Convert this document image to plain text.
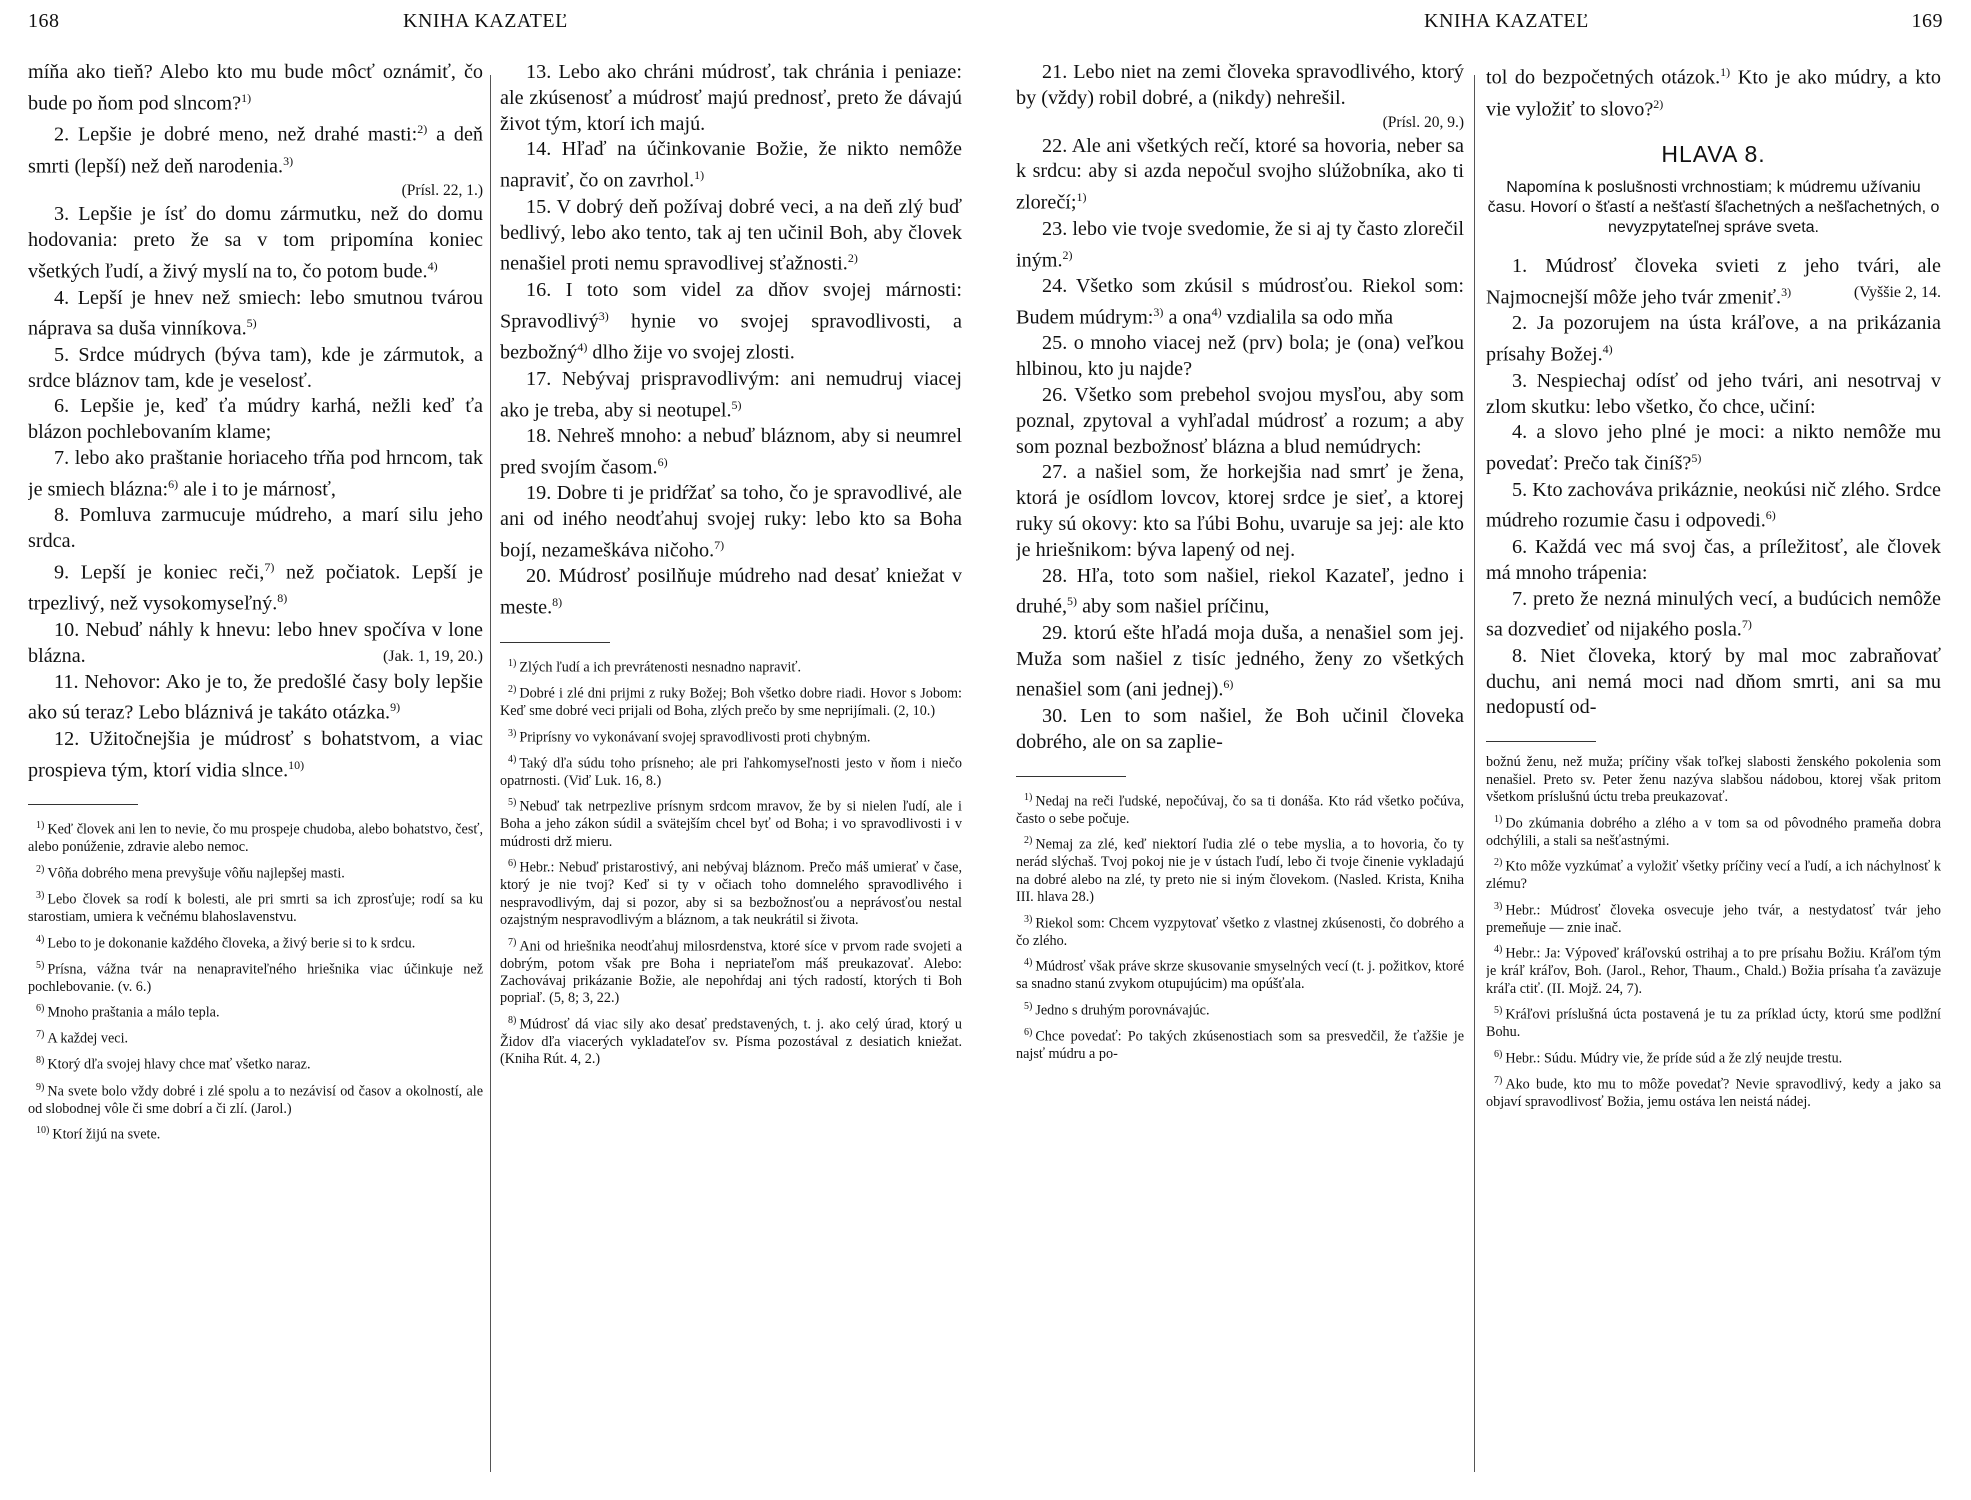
168	KNIHA KAZATEĽ

míňa ako tieň? Alebo kto mu bude môcť oznámiť, čo bude po ňom pod slncom?$^{1)}$

2. Lepšie je dobré meno, než drahé masti:$^{2)}$ a deň smrti (lepší) než deň narodenia.$^{3)}$

(Prísl. 22, 1.)

3. Lepšie je ísť do domu zármutku, než do domu hodovania: preto že sa v tom pripomína koniec všetkých ľudí, a živý myslí na to, čo potom bude.$^{4)}$

4. Lepší je hnev než smiech: lebo smutnou tvárou náprava sa duša vinníkova.$^{5)}$

5. Srdce múdrych (býva tam), kde je zármutok, a srdce bláznov tam, kde je veselosť.

6. Lepšie je, keď ťa múdry karhá, nežli keď ťa blázon pochlebovaním klame;

7. lebo ako praštanie horiaceho tŕňa pod hrncom, tak je smiech blázna:$^{6)}$ ale i to je márnosť,

8. Pomluva zarmucuje múdreho, a marí silu jeho srdca.

9. Lepší je koniec reči,$^{7)}$ než počiatok. Lepší je trpezlivý, než vysokomyseľný.$^{8)}$

10. Nebuď náhly k hnevu: lebo hnev spočíva v lone blázna.	(Jak. 1, 19, 20.)

11. Nehovor: Ako je to, že predošlé časy boly lepšie ako sú teraz? Lebo bláznivá je takáto otázka.$^{9)}$

12. Užitočnejšia je múdrosť s bohatstvom, a viac prospieva tým, ktorí vidia slnce.$^{10)}$

$^{1)}$ Keď človek ani len to nevie, čo mu prospeje chudoba, alebo bohatstvo, česť, alebo ponúženie, zdravie alebo nemoc.

$^{2)}$ Vôňa dobrého mena prevyšuje vôňu najlepšej masti.

$^{3)}$ Lebo človek sa rodí k bolesti, ale pri smrti sa ich zprosťuje; rodí sa ku starostiam, umiera k večnému blahoslavenstvu.

$^{4)}$ Lebo to je dokonanie každého človeka, a živý berie si to k srdcu.

$^{5)}$ Prísna, vážna tvár na nenapraviteľného hriešnika viac účinkuje než pochlebovanie. (v. 6.)

$^{6)}$ Mnoho praštania a málo tepla.

$^{7)}$ A každej veci.

$^{8)}$ Ktorý dľa svojej hlavy chce mať všetko naraz.

$^{9)}$ Na svete bolo vždy dobré i zlé spolu a to nezávisí od časov a okolností, ale od slobodnej vôle či sme dobrí a či zlí. (Jarol.)

$^{10)}$ Ktorí žijú na svete.

13. Lebo ako chráni múdrosť, tak chránia i peniaze: ale zkúsenosť a múdrosť majú prednosť, preto že dávajú život tým, ktorí ich majú.

14. Hľaď na účinkovanie Božie, že nikto nemôže napraviť, čo on zavrhol.$^{1)}$

15. V dobrý deň požívaj dobré veci, a na deň zlý buď bedlivý, lebo ako tento, tak aj ten učinil Boh, aby človek nenašiel proti nemu spravodlivej sťažnosti.$^{2)}$

16. I toto som videl za dňov svojej márnosti: Spravodlivý$^{3)}$ hynie vo svojej spravodlivosti, a bezbožný$^{4)}$ dlho žije vo svojej zlosti.

17. Nebývaj prispravodlivým: ani nemudruj viacej ako je treba, aby si neotupel.$^{5)}$

18. Nehreš mnoho: a nebuď bláznom, aby si neumrel pred svojím časom.$^{6)}$

19. Dobre ti je pridŕžať sa toho, čo je spravodlivé, ale ani od iného neodťahuj svojej ruky: lebo kto sa Boha bojí, nezameškáva ničoho.$^{7)}$

20. Múdrosť posilňuje múdreho nad desať kniežat v meste.$^{8)}$

$^{1)}$ Zlých ľudí a ich prevrátenosti nesnadno napraviť.

$^{2)}$ Dobré i zlé dni prijmi z ruky Božej; Boh všetko dobre riadi. Hovor s Jobom: Keď sme dobré veci prijali od Boha, zlých prečo by sme neprijímali. (2, 10.)

$^{3)}$ Priprísny vo vykonávaní svojej spravodlivosti proti chybným.

$^{4)}$ Taký dľa súdu toho prísneho; ale pri ľahkomyseľnosti jesto v ňom i niečo opatrnosti. (Viď Luk. 16, 8.)

$^{5)}$ Nebuď tak netrpezlive prísnym srdcom mravov, že by si nielen ľudí, ale i Boha a jeho zákon súdil a svätejším chcel byť od Boha; i vo spravodlivosti i v múdrosti drž mieru.

$^{6)}$ Hebr.: Nebuď pristarostivý, ani nebývaj bláznom. Prečo máš umierať v čase, ktorý je nie tvoj? Keď si ty v očiach toho domnelého spravodlivého i nespravodlivým, daj si pozor, aby si sa bezbožnosťou a neprávosťou nestal ozajstným nespravodlivým a bláznom, a tak neukrátil si života.

$^{7)}$ Ani od hriešnika neodťahuj milosrdenstva, ktoré síce v prvom rade svojeti a dobrým, potom však pre Boha i nepriateľom máš preukazovať. Alebo: Zachovávaj prikázanie Božie, ale nepohŕdaj ani tých radostí, ktorých ti Boh popriaľ. (5, 8; 3, 22.)

$^{8)}$ Múdrosť dá viac sily ako desať predstavených, t. j. ako celý úrad, ktorý u Židov dľa viacerých vykladateľov sv. Písma pozostával z desiatich kniežat. (Kniha Rút. 4, 2.)

KNIHA KAZATEĽ	169

21. Lebo niet na zemi človeka spravodlivého, ktorý by (vždy) robil dobré, a (nikdy) nehrešil.

(Prísl. 20, 9.)

22. Ale ani všetkých rečí, ktoré sa hovoria, neber sa k srdcu: aby si azda nepočul svojho slúžobníka, ako ti zlorečí;$^{1)}$

23. lebo vie tvoje svedomie, že si aj ty často zlorečil iným.$^{2)}$

24. Všetko som zkúsil s múdrosťou. Riekol som: Budem múdrym:$^{3)}$ a ona$^{4)}$ vzdialila sa odo mňa

25. o mnoho viacej než (prv) bola; je (ona) veľkou hlbinou, kto ju najde?

26. Všetko som prebehol svojou mysľou, aby som poznal, zpytoval a vyhľadal múdrosť a rozum; a aby som poznal bezbožnosť blázna a blud nemúdrych:

27. a našiel som, že horkejšia nad smrť je žena, ktorá je osídlom lovcov, ktorej srdce je sieť, a ktorej ruky sú okovy: kto sa ľúbi Bohu, uvaruje sa jej: ale kto je hriešnikom: býva lapený od nej.

28. Hľa, toto som našiel, riekol Kazateľ, jedno i druhé,$^{5)}$ aby som našiel príčinu,

29. ktorú ešte hľadá moja duša, a nenašiel som jej. Muža som našiel z tisíc jedného, ženy zo všetkých nenašiel som (ani jednej).$^{6)}$

30. Len to som našiel, že Boh učinil človeka dobrého, ale on sa zaplie-

$^{1)}$ Nedaj na reči ľudské, nepočúvaj, čo sa ti donáša. Kto rád všetko počúva, často o sebe počuje.

$^{2)}$ Nemaj za zlé, keď niektorí ľudia zlé o tebe myslia, a to hovoria, čo ty nerád slýchaš. Tvoj pokoj nie je v ústach ľudí, lebo či tvoje činenie vykladajú na dobré alebo na zlé, ty preto nie si iným človekom. (Nasled. Krista, Kniha III. hlava 28.)

$^{3)}$ Riekol som: Chcem vyzpytovať všetko z vlastnej zkúsenosti, čo dobrého a čo zlého.

$^{4)}$ Múdrosť však práve skrze skusovanie smyselných vecí (t. j. požitkov, ktoré sa snadno stanú zvykom otupujúcim) ma opúšťala.

$^{5)}$ Jedno s druhým porovnávajúc.

$^{6)}$ Chce povedať: Po takých zkúsenostiach som sa presvedčil, že ťažšie je najsť múdru a po-

tol do bezpočetných otázok.$^{1)}$ Kto je ako múdry, a kto vie vyložiť to slovo?$^{2)}$

HLAVA 8.
Napomína k poslušnosti vrchnostiam; k múdremu užívaniu času. Hovorí o šťastí a nešťastí šľachetných a nešľachetných, o nevyzpytateľnej správe sveta.

1. Múdrosť človeka svieti z jeho tvári, ale Najmocnejší môže jeho tvár zmeniť.$^{3)}$	(Vyššie 2, 14.

2. Ja pozorujem na ústa kráľove, a na prikázania prísahy Božej.$^{4)}$

3. Nespiechaj odísť od jeho tvári, ani nesotrvaj v zlom skutku: lebo všetko, čo chce, učiní:

4. a slovo jeho plné je moci: a nikto nemôže mu povedať: Prečo tak činíš?$^{5)}$

5. Kto zachováva prikáznie, neokúsi nič zlého. Srdce múdreho rozumie času i odpovedi.$^{6)}$

6. Každá vec má svoj čas, a príležitosť, ale človek má mnoho trápenia:

7. preto že nezná minulých vecí, a budúcich nemôže sa dozvedieť od nijakého posla.$^{7)}$

8. Niet človeka, ktorý by mal moc zabraňovať duchu, ani nemá moci nad dňom smrti, ani sa mu nedopustí od-

božnú ženu, než muža; príčiny však toľkej slabosti ženského pokolenia som nenašiel. Preto sv. Peter ženu nazýva slabšou nádobou, ktorej však pritom všetkom príslušnú úctu treba preukazovať.

$^{1)}$ Do zkúmania dobrého a zlého a v tom sa od pôvodného prameňa dobra odchýlili, a stali sa nešťastnými.

$^{2)}$ Kto môže vyzkúmať a vyložiť všetky príčiny vecí a ľudí, a ich náchylnosť k zlému?

$^{3)}$ Hebr.: Múdrosť človeka osvecuje jeho tvár, a nestydatosť tvár jeho premeňuje — znie inač.

$^{4)}$ Hebr.: Ja: Výpoveď kráľovskú ostrihaj a to pre prísahu Božiu. Kráľom tým je kráľ kráľov, Boh. (Jarol., Rehor, Thaum., Chald.) Božia prísaha ťa zaväzuje kráľa ctiť. (II. Mojž. 24, 7).

$^{5)}$ Kráľovi príslušná úcta postavená je tu za príklad úcty, ktorú sme podlžní Bohu.

$^{6)}$ Hebr.: Súdu. Múdry vie, že príde súd a že zlý neujde trestu.

$^{7)}$ Ako bude, kto mu to môže povedať? Nevie spravodlivý, kedy a jako sa objaví spravodlivosť Božia, jemu ostáva len neistá nádej.
